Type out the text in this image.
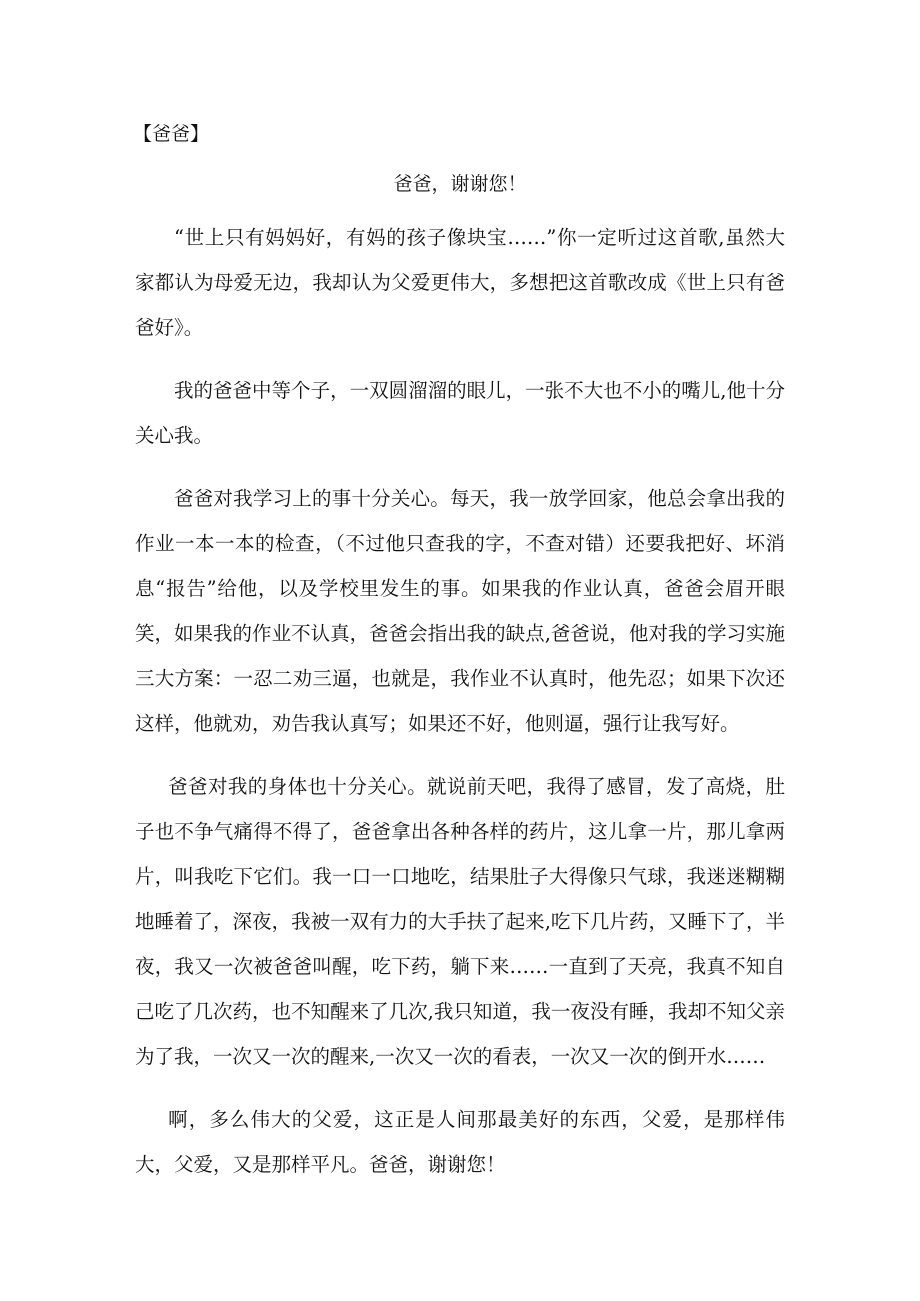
【爸爸】
爸爸，谢谢您！

“世上只有妈妈好，有妈的孩子像块宝……”你一定听过这首歌,虽然大家都认为母爱无边，我却认为父爱更伟大，多想把这首歌改成《世上只有爸爸好》。

我的爸爸中等个子，一双圆溜溜的眼儿，一张不大也不小的嘴儿,他十分关心我。

爸爸对我学习上的事十分关心。每天，我一放学回家，他总会拿出我的作业一本一本的检查，（不过他只查我的字，不查对错）还要我把好、坏消息“报告”给他，以及学校里发生的事。如果我的作业认真，爸爸会眉开眼笑，如果我的作业不认真，爸爸会指出我的缺点,爸爸说，他对我的学习实施三大方案：一忍二劝三逼，也就是，我作业不认真时，他先忍；如果下次还这样，他就劝，劝告我认真写；如果还不好，他则逼，强行让我写好。

爸爸对我的身体也十分关心。就说前天吧，我得了感冒，发了高烧，肚子也不争气痛得不得了，爸爸拿出各种各样的药片，这儿拿一片，那儿拿两片，叫我吃下它们。我一口一口地吃，结果肚子大得像只气球，我迷迷糊糊地睡着了，深夜，我被一双有力的大手扶了起来,吃下几片药，又睡下了，半夜，我又一次被爸爸叫醒，吃下药，躺下来……一直到了天亮，我真不知自己吃了几次药，也不知醒来了几次,我只知道，我一夜没有睡，我却不知父亲为了我，一次又一次的醒来,一次又一次的看表，一次又一次的倒开水……

啊，多么伟大的父爱，这正是人间那最美好的东西，父爱，是那样伟大，父爱，又是那样平凡。爸爸，谢谢您！
